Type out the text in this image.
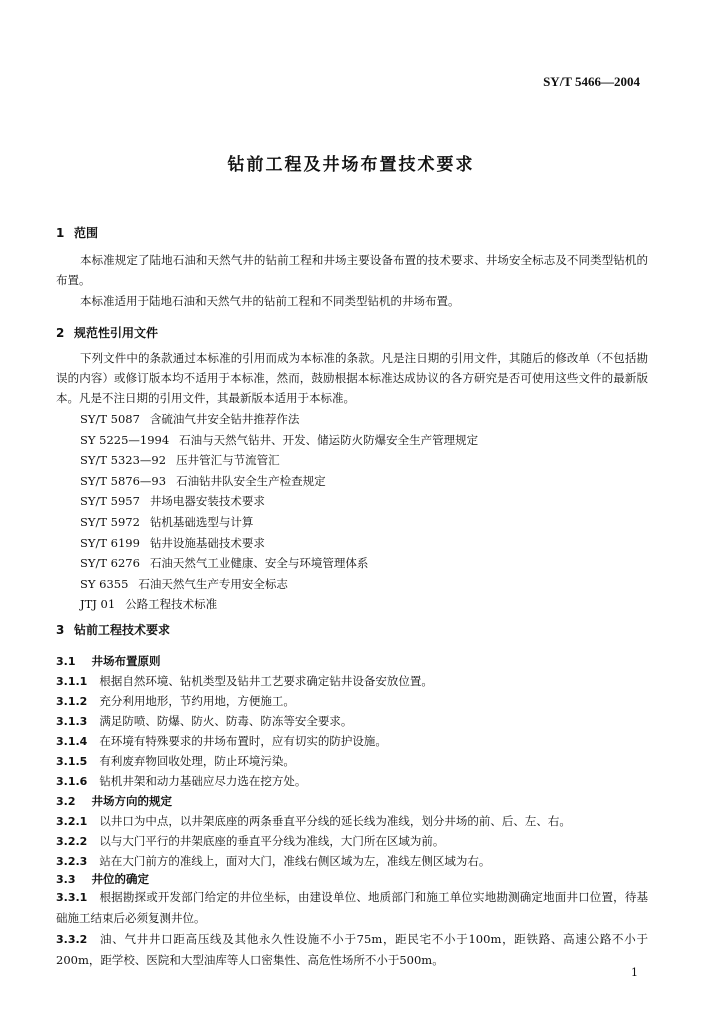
SY/T 5466—2004
钻前工程及井场布置技术要求
1 范围

本标准规定了陆地石油和天然气井的钻前工程和井场主要设备布置的技术要求、井场安全标志及不同类型钻机的布置。

本标准适用于陆地石油和天然气井的钻前工程和不同类型钻机的井场布置。

2 规范性引用文件

下列文件中的条款通过本标准的引用而成为本标准的条款。凡是注日期的引用文件，其随后的修改单（不包括勘误的内容）或修订版本均不适用于本标准，然而，鼓励根据本标准达成协议的各方研究是否可使用这些文件的最新版本。凡是不注日期的引用文件，其最新版本适用于本标准。

SY/T 5087 含硫油气井安全钻井推荐作法
SY 5225—1994 石油与天然气钻井、开发、储运防火防爆安全生产管理规定
SY/T 5323—92 压井管汇与节流管汇
SY/T 5876—93 石油钻井队安全生产检查规定
SY/T 5957 井场电器安装技术要求
SY/T 5972 钻机基础选型与计算
SY/T 6199 钻井设施基础技术要求
SY/T 6276 石油天然气工业健康、安全与环境管理体系
SY 6355 石油天然气生产专用安全标志
JTJ 01 公路工程技术标准
3 钻前工程技术要求

3.1 井场布置原则

3.1.1 根据自然环境、钻机类型及钻井工艺要求确定钻井设备安放位置。

3.1.2 充分利用地形，节约用地，方便施工。

3.1.3 满足防喷、防爆、防火、防毒、防冻等安全要求。

3.1.4 在环境有特殊要求的井场布置时，应有切实的防护设施。

3.1.5 有利废弃物回收处理，防止环境污染。

3.1.6 钻机井架和动力基础应尽力选在挖方处。

3.2 井场方向的规定

3.2.1 以井口为中点，以井架底座的两条垂直平分线的延长线为准线，划分井场的前、后、左、右。

3.2.2 以与大门平行的井架底座的垂直平分线为准线，大门所在区域为前。

3.2.3 站在大门前方的准线上，面对大门，准线右侧区域为左，准线左侧区域为右。

3.3 井位的确定

3.3.1 根据勘探或开发部门给定的井位坐标，由建设单位、地质部门和施工单位实地勘测确定地面井口位置，待基础施工结束后必须复测井位。

3.3.2 油、气井井口距高压线及其他永久性设施不小于75m，距民宅不小于100m，距铁路、高速公路不小于200m，距学校、医院和大型油库等人口密集性、高危性场所不小于500m。

1
